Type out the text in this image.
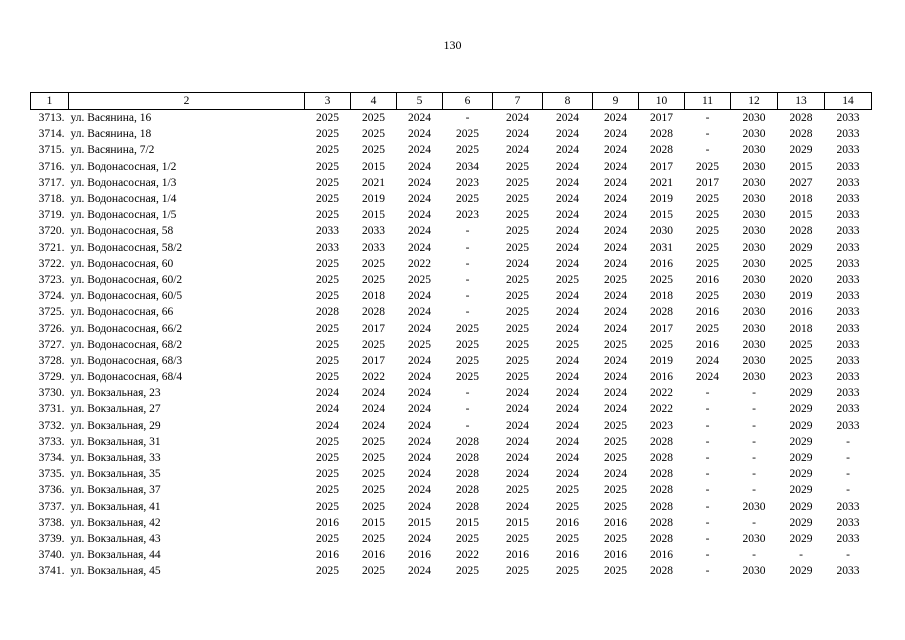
130
1	2	3	4	5	6	7	8	9	10	11	12	13	14
3713.	ул. Васянина, 16	2025	2025	2024	-	2024	2024	2024	2017	-	2030	2028	2033
3714.	ул. Васянина, 18	2025	2025	2024	2025	2024	2024	2024	2028	-	2030	2028	2033
3715.	ул. Васянина, 7/2	2025	2025	2024	2025	2024	2024	2024	2028	-	2030	2029	2033
3716.	ул. Водонасосная, 1/2	2025	2015	2024	2034	2025	2024	2024	2017	2025	2030	2015	2033
3717.	ул. Водонасосная, 1/3	2025	2021	2024	2023	2025	2024	2024	2021	2017	2030	2027	2033
3718.	ул. Водонасосная, 1/4	2025	2019	2024	2025	2025	2024	2024	2019	2025	2030	2018	2033
3719.	ул. Водонасосная, 1/5	2025	2015	2024	2023	2025	2024	2024	2015	2025	2030	2015	2033
3720.	ул. Водонасосная, 58	2033	2033	2024	-	2025	2024	2024	2030	2025	2030	2028	2033
3721.	ул. Водонасосная, 58/2	2033	2033	2024	-	2025	2024	2024	2031	2025	2030	2029	2033
3722.	ул. Водонасосная, 60	2025	2025	2022	-	2024	2024	2024	2016	2025	2030	2025	2033
3723.	ул. Водонасосная, 60/2	2025	2025	2025	-	2025	2025	2025	2025	2016	2030	2020	2033
3724.	ул. Водонасосная, 60/5	2025	2018	2024	-	2025	2024	2024	2018	2025	2030	2019	2033
3725.	ул. Водонасосная, 66	2028	2028	2024	-	2025	2024	2024	2028	2016	2030	2016	2033
3726.	ул. Водонасосная, 66/2	2025	2017	2024	2025	2025	2024	2024	2017	2025	2030	2018	2033
3727.	ул. Водонасосная, 68/2	2025	2025	2025	2025	2025	2025	2025	2025	2016	2030	2025	2033
3728.	ул. Водонасосная, 68/3	2025	2017	2024	2025	2025	2024	2024	2019	2024	2030	2025	2033
3729.	ул. Водонасосная, 68/4	2025	2022	2024	2025	2025	2024	2024	2016	2024	2030	2023	2033
3730.	ул. Вокзальная, 23	2024	2024	2024	-	2024	2024	2024	2022	-	-	2029	2033
3731.	ул. Вокзальная, 27	2024	2024	2024	-	2024	2024	2024	2022	-	-	2029	2033
3732.	ул. Вокзальная, 29	2024	2024	2024	-	2024	2024	2025	2023	-	-	2029	2033
3733.	ул. Вокзальная, 31	2025	2025	2024	2028	2024	2024	2025	2028	-	-	2029	-
3734.	ул. Вокзальная, 33	2025	2025	2024	2028	2024	2024	2025	2028	-	-	2029	-
3735.	ул. Вокзальная, 35	2025	2025	2024	2028	2024	2024	2024	2028	-	-	2029	-
3736.	ул. Вокзальная, 37	2025	2025	2024	2028	2025	2025	2025	2028	-	-	2029	-
3737.	ул. Вокзальная, 41	2025	2025	2024	2028	2024	2025	2025	2028	-	2030	2029	2033
3738.	ул. Вокзальная, 42	2016	2015	2015	2015	2015	2016	2016	2028	-	-	2029	2033
3739.	ул. Вокзальная, 43	2025	2025	2024	2025	2025	2025	2025	2028	-	2030	2029	2033
3740.	ул. Вокзальная, 44	2016	2016	2016	2022	2016	2016	2016	2016	-	-	-	-
3741.	ул. Вокзальная, 45	2025	2025	2024	2025	2025	2025	2025	2028	-	2030	2029	2033
